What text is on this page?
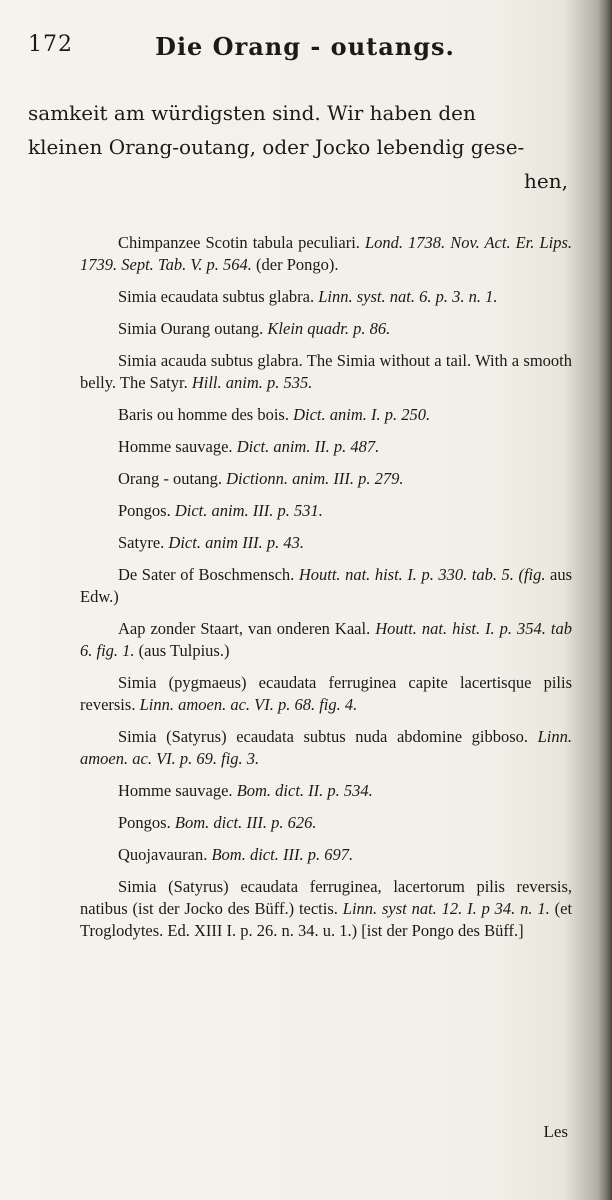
172	Die Orang - outangs.
samkeit am würdigsten sind. Wir haben den
kleinen Orang-outang, oder Jocko lebendig gese-
hen,

Chimpanzee Scotin tabula peculiari. Lond. 1738. Nov. Act. Er. Lips. 1739. Sept. Tab. V. p. 564. (der Pongo).

Simia ecaudata subtus glabra. Linn. syst. nat. 6. p. 3. n. 1.

Simia Ourang outang. Klein quadr. p. 86.

Simia acauda subtus glabra. The Simia without a tail. With a smooth belly. The Satyr. Hill. anim. p. 535.

Baris ou homme des bois. Dict. anim. I. p. 250.

Homme sauvage. Dict. anim. II. p. 487.

Orang - outang. Dictionn. anim. III. p. 279.

Pongos. Dict. anim. III. p. 531.

Satyre. Dict. anim III. p. 43.

De Sater of Boschmensch. Houtt. nat. hist. I. p. 330. tab. 5. (fig. aus Edw.)

Aap zonder Staart, van onderen Kaal. Houtt. nat. hist. I. p. 354. tab 6. fig. 1. (aus Tulpius.)

Simia (pygmaeus) ecaudata ferruginea capite lacertisque pilis reversis. Linn. amoen. ac. VI. p. 68. fig. 4.

Simia (Satyrus) ecaudata subtus nuda abdomine gibboso. Linn. amoen. ac. VI. p. 69. fig. 3.

Homme sauvage. Bom. dict. II. p. 534.

Pongos. Bom. dict. III. p. 626.

Quojavauran. Bom. dict. III. p. 697.

Simia (Satyrus) ecaudata ferruginea, lacertorum pilis reversis, natibus (ist der Jocko des Büff.) tectis. Linn. syst nat. 12. I. p 34. n. 1. (et Troglodytes. Ed. XIII I. p. 26. n. 34. u. 1.) [ist der Pongo des Büff.]

Les
